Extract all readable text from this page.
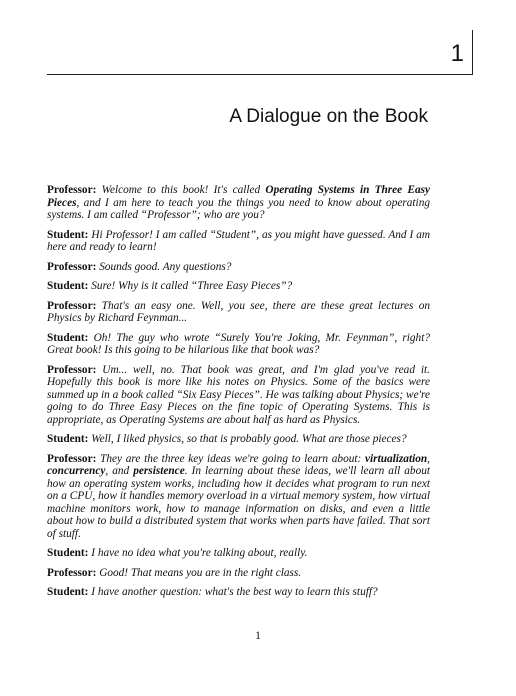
1
A Dialogue on the Book

Professor: Welcome to this book! It's called Operating Systems in Three Easy Pieces, and I am here to teach you the things you need to know about operating systems. I am called “Professor”; who are you?

Student: Hi Professor! I am called “Student”, as you might have guessed. And I am here and ready to learn!

Professor: Sounds good. Any questions?

Student: Sure! Why is it called “Three Easy Pieces”?

Professor: That's an easy one. Well, you see, there are these great lectures on Physics by Richard Feynman...

Student: Oh! The guy who wrote “Surely You're Joking, Mr. Feynman”, right? Great book! Is this going to be hilarious like that book was?

Professor: Um... well, no. That book was great, and I'm glad you've read it. Hopefully this book is more like his notes on Physics. Some of the basics were summed up in a book called “Six Easy Pieces”. He was talking about Physics; we're going to do Three Easy Pieces on the fine topic of Operating Systems. This is appropriate, as Operating Systems are about half as hard as Physics.

Student: Well, I liked physics, so that is probably good. What are those pieces?

Professor: They are the three key ideas we're going to learn about: virtualization, concurrency, and persistence. In learning about these ideas, we'll learn all about how an operating system works, including how it decides what program to run next on a CPU, how it handles memory overload in a virtual memory system, how virtual machine monitors work, how to manage information on disks, and even a little about how to build a distributed system that works when parts have failed. That sort of stuff.

Student: I have no idea what you're talking about, really.

Professor: Good! That means you are in the right class.

Student: I have another question: what's the best way to learn this stuff?

1
